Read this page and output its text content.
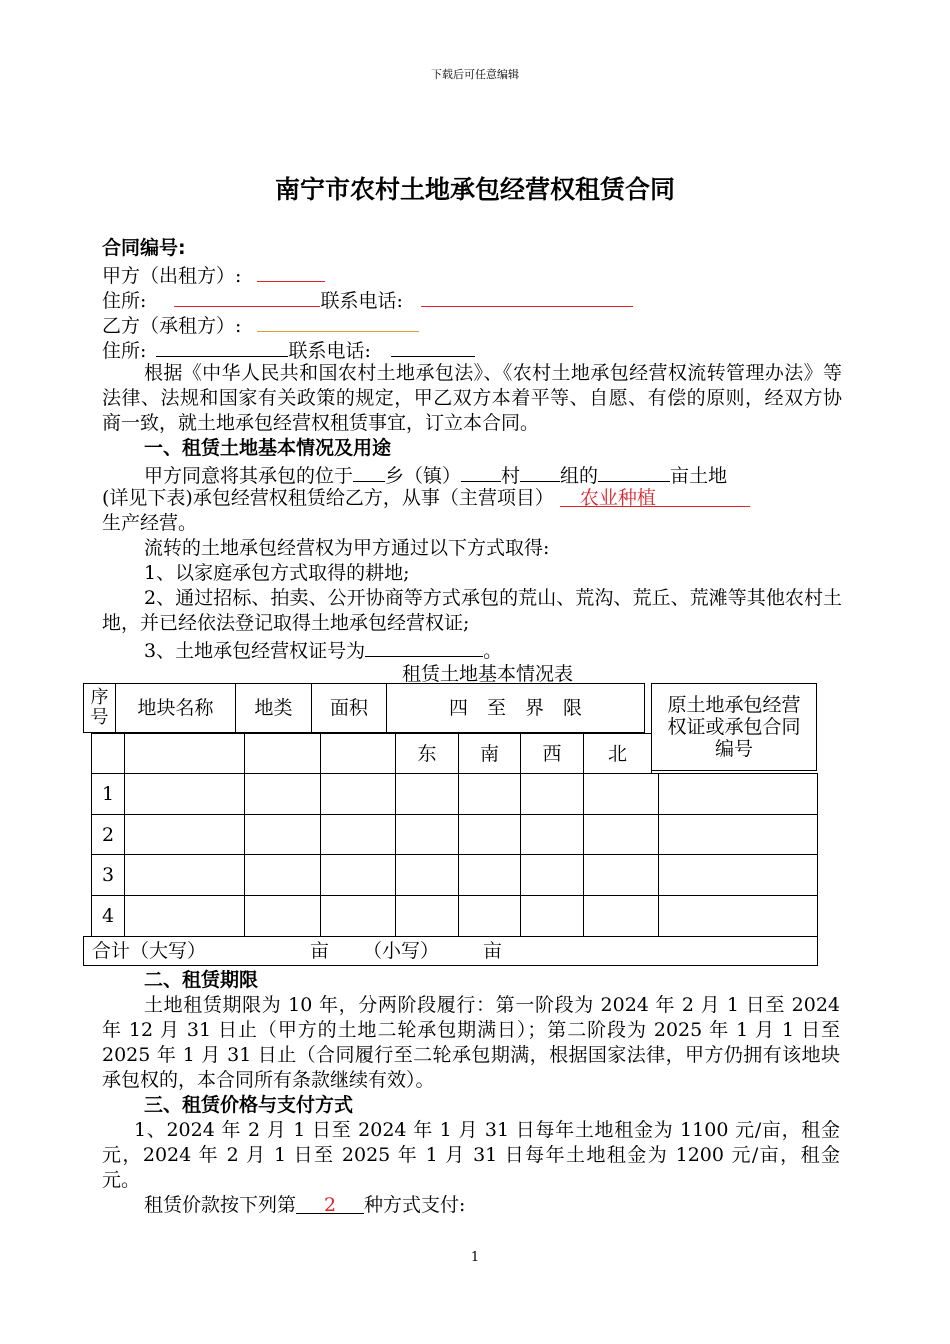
下载后可任意编辑
南宁市农村土地承包经营权租赁合同
合同编号:
甲方（出租方）:
住所:	联系电话:
乙方（承租方）:
住所:	联系电话:
根据《中华人民共和国农村土地承包法》、《农村土地承包经营权流转管理办法》等法律、法规和国家有关政策的规定，甲乙双方本着平等、自愿、有偿的原则，经双方协商一致，就土地承包经营权租赁事宜，订立本合同。
一、租赁土地基本情况及用途
甲方同意将其承包的位于 乡（镇） 村 组的	亩土地
(详见下表)承包经营权租赁给乙方，从事（主营项目） 农业种植
生产经营。
流转的土地承包经营权为甲方通过以下方式取得:
1、以家庭承包方式取得的耕地;
2、通过招标、拍卖、公开协商等方式承包的荒山、荒沟、荒丘、荒滩等其他农村土地，并已经依法登记取得土地承包经营权证;
3、土地承包经营权证号为	。
租赁土地基本情况表
序号	地块名称	地类	面积	四　至　界　限	原土地承包经营权证或承包合同编号
东	南	西	北
1
2
3
4
合计（大写）	亩 （小写） 亩
二、租赁期限
土地租赁期限为 10 年，分两阶段履行：第一阶段为 2024 年 2 月 1 日至 2024 年 12 月 31 日止（甲方的土地二轮承包期满日）；第二阶段为 2025 年 1 月 1 日至 2025 年 1 月 31 日止（合同履行至二轮承包期满，根据国家法律，甲方仍拥有该地块承包权的，本合同所有条款继续有效）。
三、租赁价格与支付方式
1、2024 年 2 月 1 日至 2024 年 1 月 31 日每年土地租金为 1100 元/亩，租金　　元，2024 年 2 月 1 日至 2025 年 1 月 31 日每年土地租金为 1200 元/亩，租金　　元。
租赁价款按下列第 2 种方式支付:
1
